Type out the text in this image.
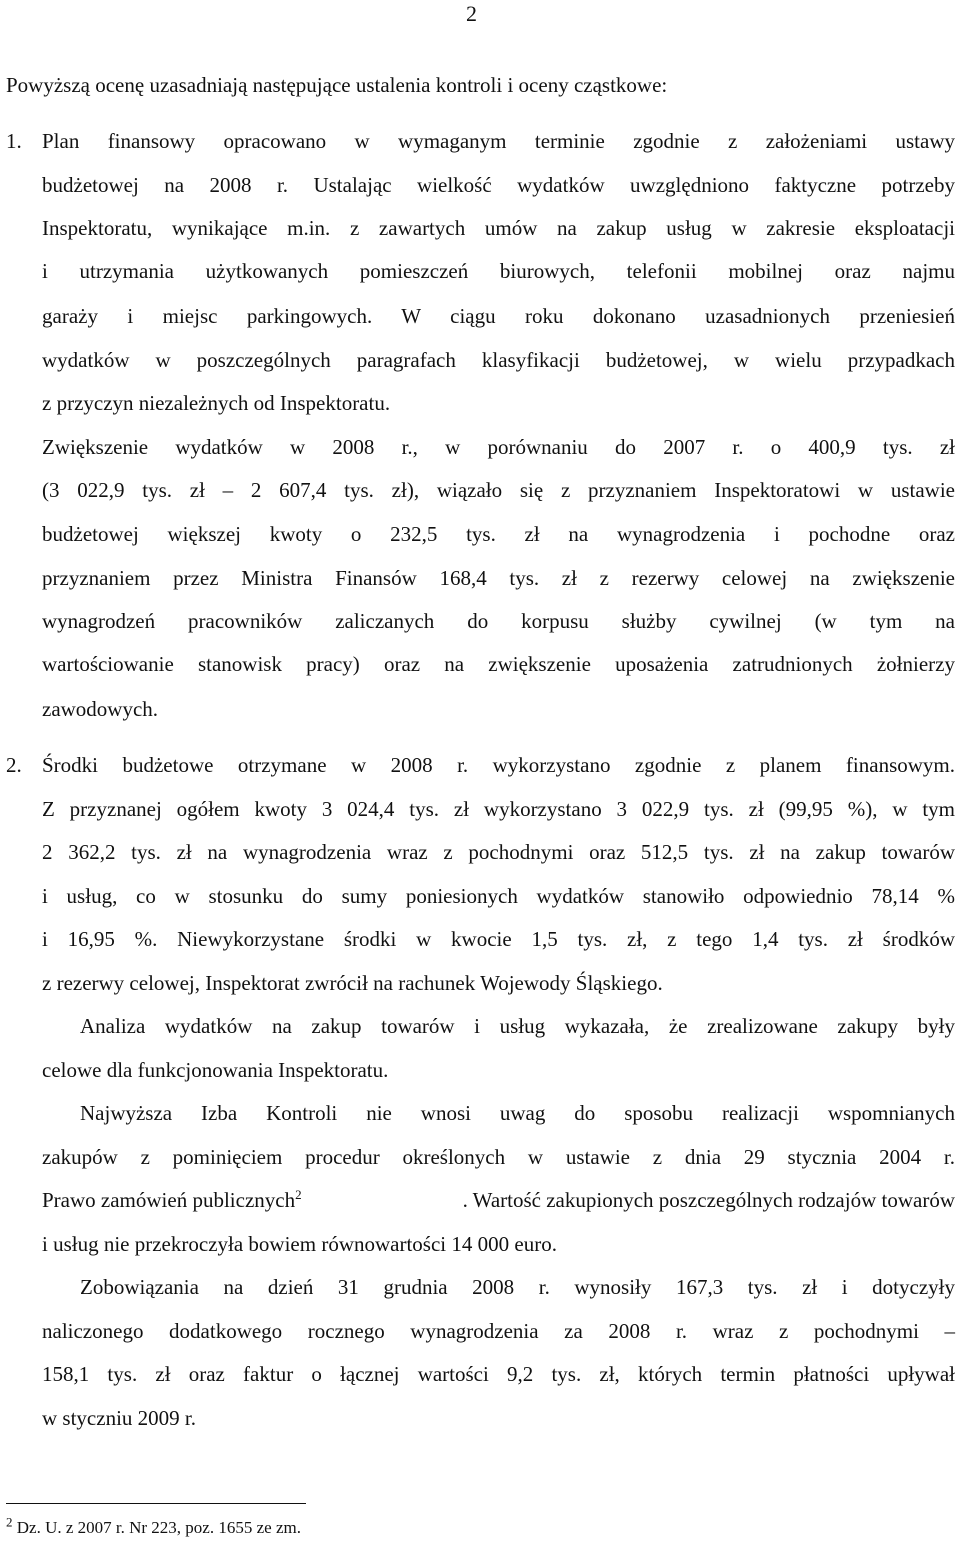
2
Powyższą ocenę uzasadniają następujące ustalenia kontroli i oceny cząstkowe:
1. Plan finansowy opracowano w wymaganym terminie zgodnie z założeniami ustawy
budżetowej na 2008 r. Ustalając wielkość wydatków uwzględniono faktyczne potrzeby
Inspektoratu, wynikające m.in. z zawartych umów na zakup usług w zakresie eksploatacji
i utrzymania użytkowanych pomieszczeń biurowych, telefonii mobilnej oraz najmu
garaży i miejsc parkingowych. W ciągu roku dokonano uzasadnionych przeniesień
wydatków w poszczególnych paragrafach klasyfikacji budżetowej, w wielu przypadkach
z przyczyn niezależnych od Inspektoratu.
Zwiększenie wydatków w 2008 r., w porównaniu do 2007 r. o 400,9 tys. zł
(3 022,9 tys. zł – 2 607,4 tys. zł), wiązało się z przyznaniem Inspektoratowi w ustawie
budżetowej większej kwoty o 232,5 tys. zł na wynagrodzenia i pochodne oraz
przyznaniem przez Ministra Finansów 168,4 tys. zł z rezerwy celowej na zwiększenie
wynagrodzeń pracowników zaliczanych do korpusu służby cywilnej (w tym na
wartościowanie stanowisk pracy) oraz na zwiększenie uposażenia zatrudnionych żołnierzy
zawodowych.
2. Środki budżetowe otrzymane w 2008 r. wykorzystano zgodnie z planem finansowym.
Z przyznanej ogółem kwoty 3 024,4 tys. zł wykorzystano 3 022,9 tys. zł (99,95 %), w tym
2 362,2 tys. zł na wynagrodzenia wraz z pochodnymi oraz 512,5 tys. zł na zakup towarów
i usług, co w stosunku do sumy poniesionych wydatków stanowiło odpowiednio 78,14 %
i 16,95 %. Niewykorzystane środki w kwocie 1,5 tys. zł, z tego 1,4 tys. zł środków
z rezerwy celowej, Inspektorat zwrócił na rachunek Wojewody Śląskiego.
Analiza wydatków na zakup towarów i usług wykazała, że zrealizowane zakupy były
celowe dla funkcjonowania Inspektoratu.
Najwyższa Izba Kontroli nie wnosi uwag do sposobu realizacji wspomnianych
zakupów z pominięciem procedur określonych w ustawie z dnia 29 stycznia 2004 r.
Prawo zamówień publicznych$^2$	. Wartość zakupionych poszczególnych rodzajów towarów
i usług nie przekroczyła bowiem równowartości 14 000 euro.
Zobowiązania na dzień 31 grudnia 2008 r. wynosiły 167,3 tys. zł i dotyczyły
naliczonego dodatkowego rocznego wynagrodzenia za 2008 r. wraz z pochodnymi –
158,1 tys. zł oraz faktur o łącznej wartości 9,2 tys. zł, których termin płatności upływał
w styczniu 2009 r.
$^2$ Dz. U. z 2007 r. Nr 223, poz. 1655 ze zm.
